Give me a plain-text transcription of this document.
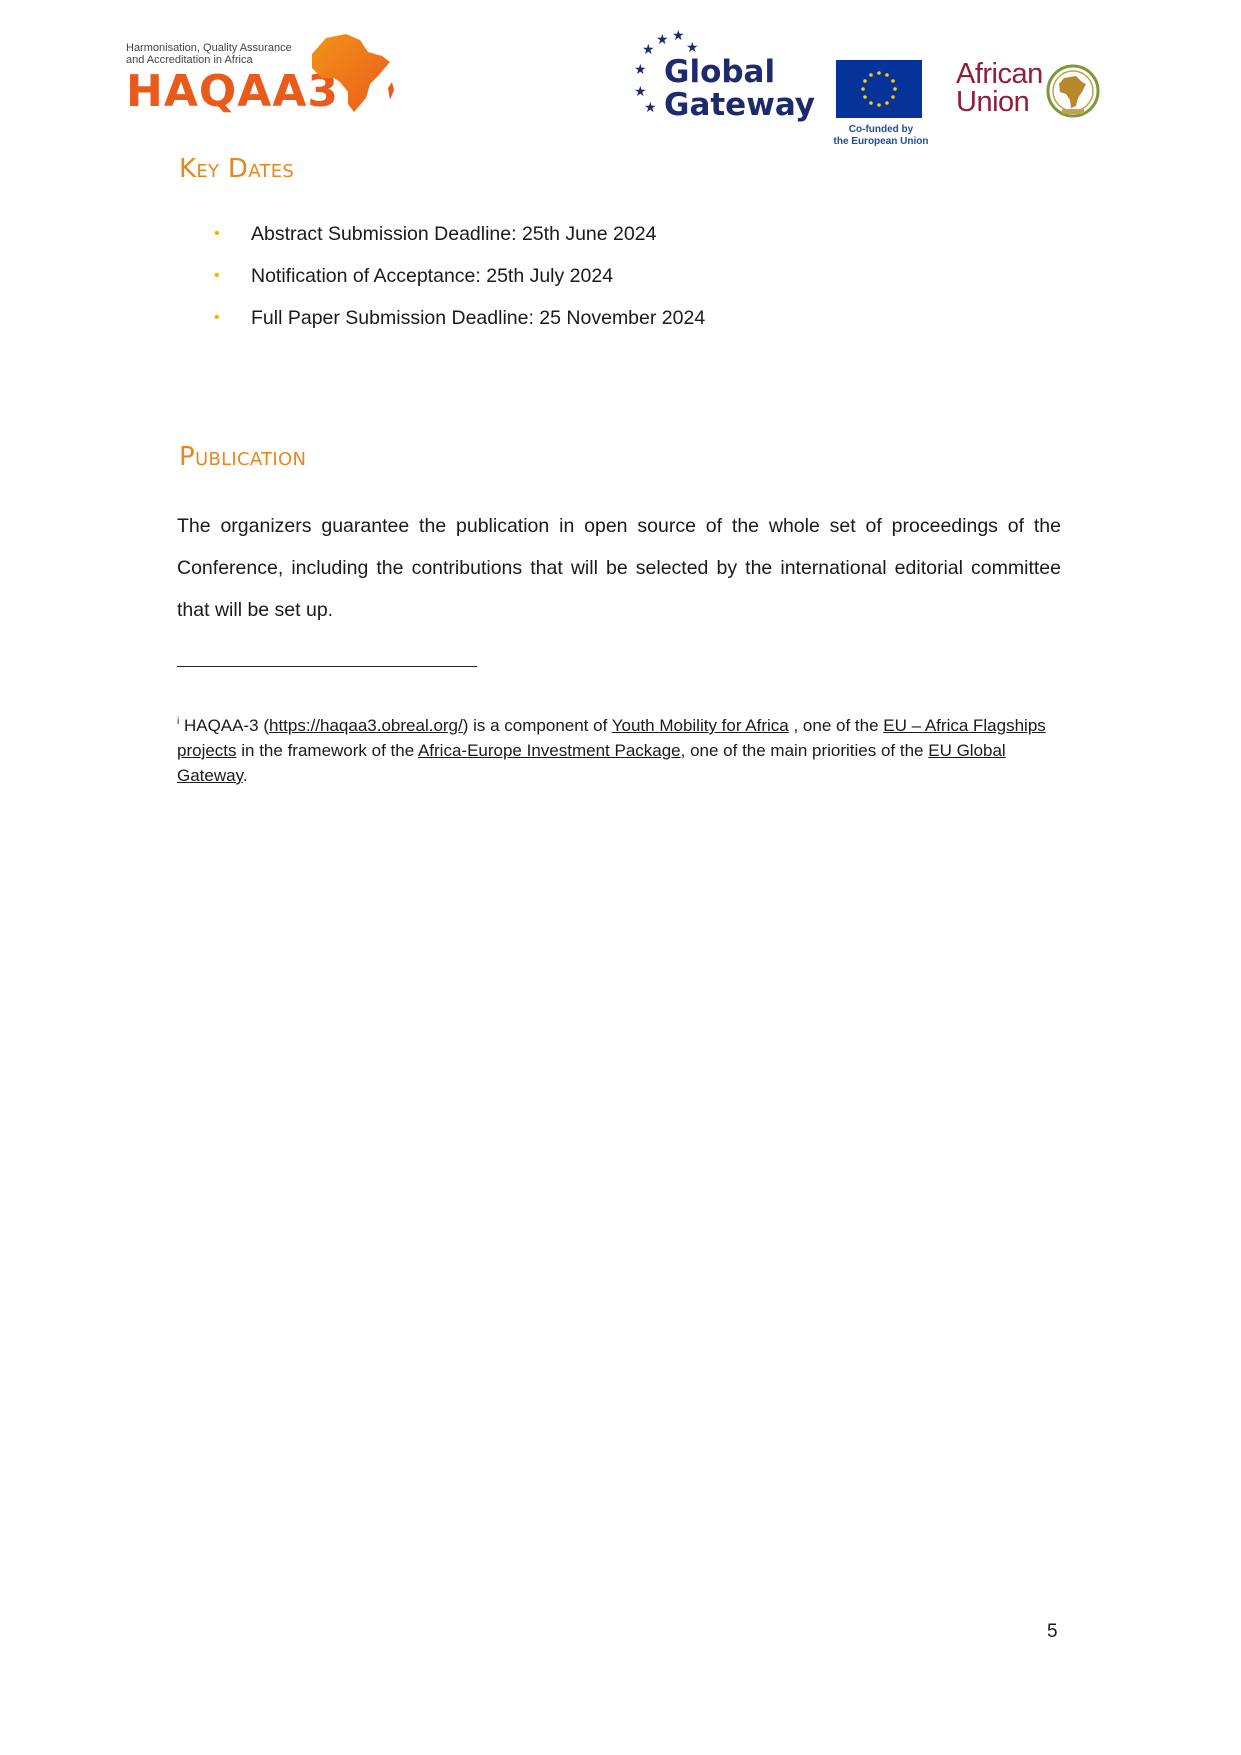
Harmonisation, Quality Assurance
and Accreditation in Africa
HAQAA3
★ ★
★ ★
★
★
★
Global
Gateway
Co-funded by
the European Union
African
Union
Key Dates
• Abstract Submission Deadline: 25th June 2024
• Notification of Acceptance: 25th July 2024
• Full Paper Submission Deadline: 25 November 2024
Publication

The organizers guarantee the publication in open source of the whole set of proceedings of the Conference, including the contributions that will be selected by the international editorial committee that will be set up.

$^i$ HAQAA-3 (https://haqaa3.obreal.org/) is a component of Youth Mobility for Africa , one of the EU – Africa Flagships projects in the framework of the Africa-Europe Investment Package, one of the main priorities of the EU Global Gateway.

5
